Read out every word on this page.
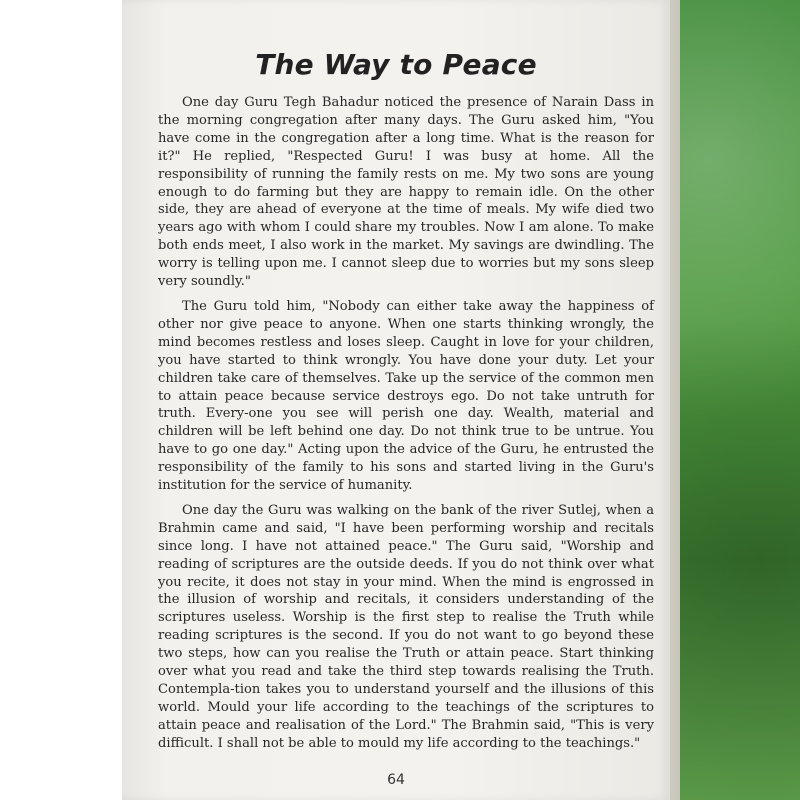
The Way to Peace

One day Guru Tegh Bahadur noticed the presence of Narain Dass in the morning congregation after many days. The Guru asked him, "You have come in the congregation after a long time. What is the reason for it?" He replied, "Respected Guru! I was busy at home. All the responsibility of running the family rests on me. My two sons are young enough to do farming but they are happy to remain idle. On the other side, they are ahead of everyone at the time of meals. My wife died two years ago with whom I could share my troubles. Now I am alone. To make both ends meet, I also work in the market. My savings are dwindling. The worry is telling upon me. I cannot sleep due to worries but my sons sleep very soundly."

The Guru told him, "Nobody can either take away the happiness of other nor give peace to anyone. When one starts thinking wrongly, the mind becomes restless and loses sleep. Caught in love for your children, you have started to think wrongly. You have done your duty. Let your children take care of themselves. Take up the service of the common men to attain peace because service destroys ego. Do not take untruth for truth. Every-one you see will perish one day. Wealth, material and children will be left behind one day. Do not think true to be untrue. You have to go one day." Acting upon the advice of the Guru, he entrusted the responsibility of the family to his sons and started living in the Guru's institution for the service of humanity.

One day the Guru was walking on the bank of the river Sutlej, when a Brahmin came and said, "I have been performing worship and recitals since long. I have not attained peace." The Guru said, "Worship and reading of scriptures are the outside deeds. If you do not think over what you recite, it does not stay in your mind. When the mind is engrossed in the illusion of worship and recitals, it considers understanding of the scriptures useless. Worship is the first step to realise the Truth while reading scriptures is the second. If you do not want to go beyond these two steps, how can you realise the Truth or attain peace. Start thinking over what you read and take the third step towards realising the Truth. Contempla-tion takes you to understand yourself and the illusions of this world. Mould your life according to the teachings of the scriptures to attain peace and realisation of the Lord." The Brahmin said, "This is very difficult. I shall not be able to mould my life according to the teachings."

64
